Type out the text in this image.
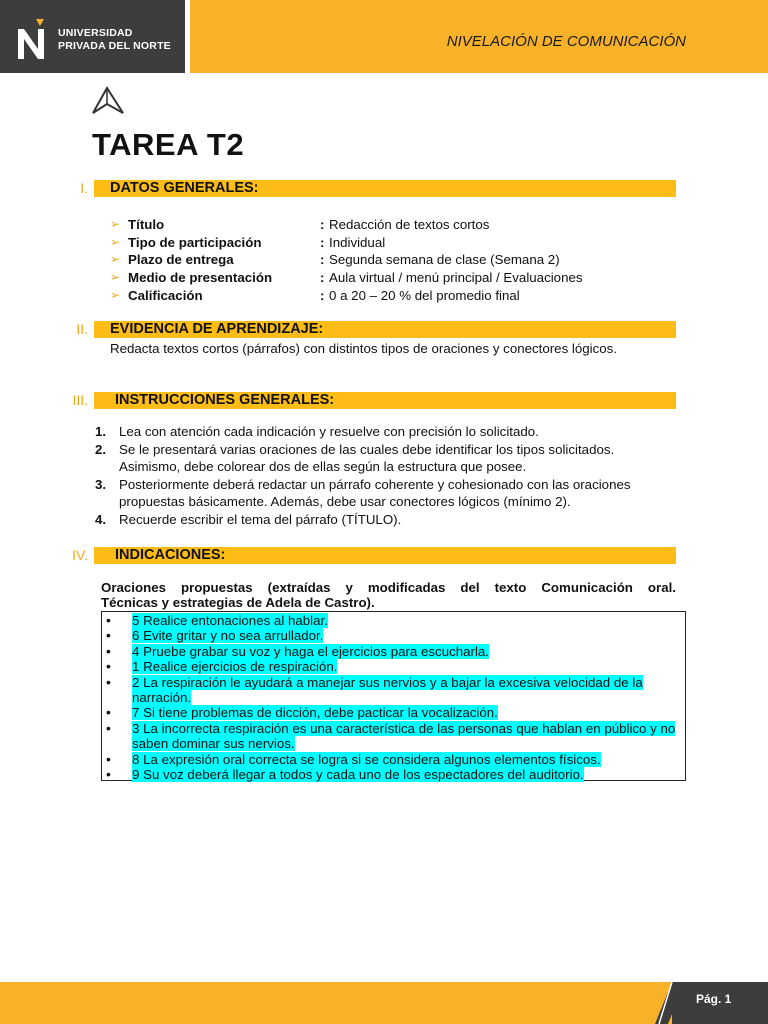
UNIVERSIDAD
PRIVADA DEL NORTE	NIVELACIÓN DE COMUNICACIÓN
TAREA T2
I. DATOS GENERALES:
➢ Título	: Redacción de textos cortos
➢ Tipo de participación	: Individual
➢ Plazo de entrega	: Segunda semana de clase (Semana 2)
➢ Medio de presentación	: Aula virtual / menú principal / Evaluaciones
➢ Calificación	: 0 a 20 – 20 % del promedio final
II. EVIDENCIA DE APRENDIZAJE:
Redacta textos cortos (párrafos) con distintos tipos de oraciones y conectores lógicos.
III. INSTRUCCIONES GENERALES:
1. Lea con atención cada indicación y resuelve con precisión lo solicitado.
2. Se le presentará varias oraciones de las cuales debe identificar los tipos solicitados. Asimismo, debe colorear dos de ellas según la estructura que posee.
3. Posteriormente deberá redactar un párrafo coherente y cohesionado con las oraciones propuestas básicamente. Además, debe usar conectores lógicos (mínimo 2).
4. Recuerde escribir el tema del párrafo (TÍTULO).
IV. INDICACIONES:
Oraciones propuestas (extraídas y modificadas del texto Comunicación oral.
Técnicas y estrategias de Adela de Castro).
• 5 Realice entonaciones al hablar.
• 6 Evite gritar y no sea arrullador.
• 4 Pruebe grabar su voz y haga el ejercicios para escucharla.
• 1 Realice ejercicios de respiración.
• 2 La respiración le ayudará a manejar sus nervios y a bajar la excesiva velocidad de la narración.
• 7 Si tiene problemas de dicción, debe pacticar la vocalización.
• 3 La incorrecta respiración es una característica de las personas que hablan en público y no saben dominar sus nervios.
• 8 La expresión oral correcta se logra si se considera algunos elementos físicos.
• 9 Su voz deberá llegar a todos y cada uno de los espectadores del auditorio.
Pág. 1
